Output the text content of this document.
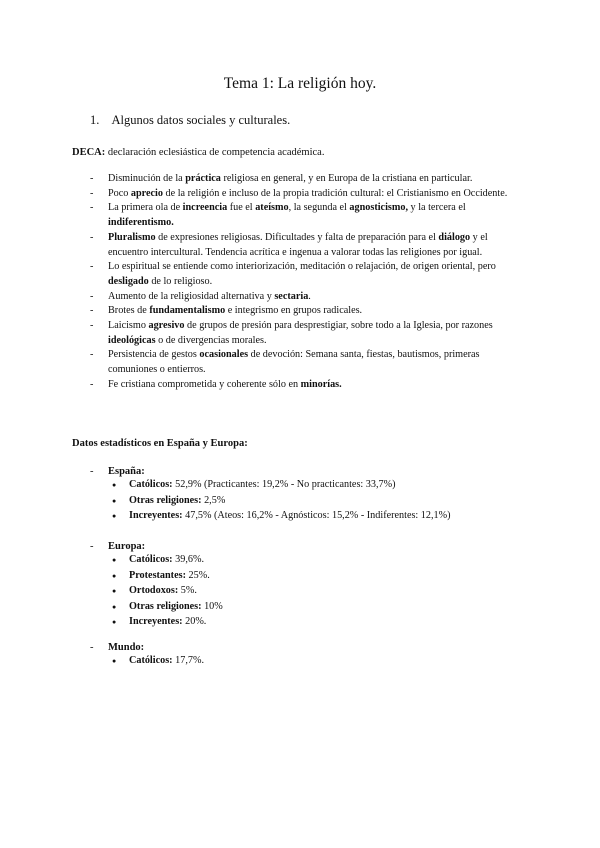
Tema 1: La religión hoy.
1. Algunos datos sociales y culturales.
DECA: declaración eclesiástica de competencia académica.
- Disminución de la práctica religiosa en general, y en Europa de la cristiana en particular.
- Poco aprecio de la religión e incluso de la propia tradición cultural: el Cristianismo en Occidente.
- La primera ola de increencia fue el ateísmo, la segunda el agnosticismo, y la tercera el indiferentismo.
- Pluralismo de expresiones religiosas. Dificultades y falta de preparación para el diálogo y el encuentro intercultural. Tendencia acrítica e ingenua a valorar todas las religiones por igual.
- Lo espiritual se entiende como interiorización, meditación o relajación, de origen oriental, pero desligado de lo religioso.
- Aumento de la religiosidad alternativa y sectaria.
- Brotes de fundamentalismo e integrismo en grupos radicales.
- Laicismo agresivo de grupos de presión para desprestigiar, sobre todo a la Iglesia, por razones ideológicas o de divergencias morales.
- Persistencia de gestos ocasionales de devoción: Semana santa, fiestas, bautismos, primeras comuniones o entierros.
- Fe cristiana comprometida y coherente sólo en minorías.
Datos estadísticos en España y Europa:
- España:
● Católicos: 52,9% (Practicantes: 19,2% - No practicantes: 33,7%)
● Otras religiones: 2,5%
● Increyentes: 47,5% (Ateos: 16,2% - Agnósticos: 15,2% - Indiferentes: 12,1%)
- Europa:
● Católicos: 39,6%.
● Protestantes: 25%.
● Ortodoxos: 5%.
● Otras religiones: 10%
● Increyentes: 20%.
- Mundo:
● Católicos: 17,7%.
